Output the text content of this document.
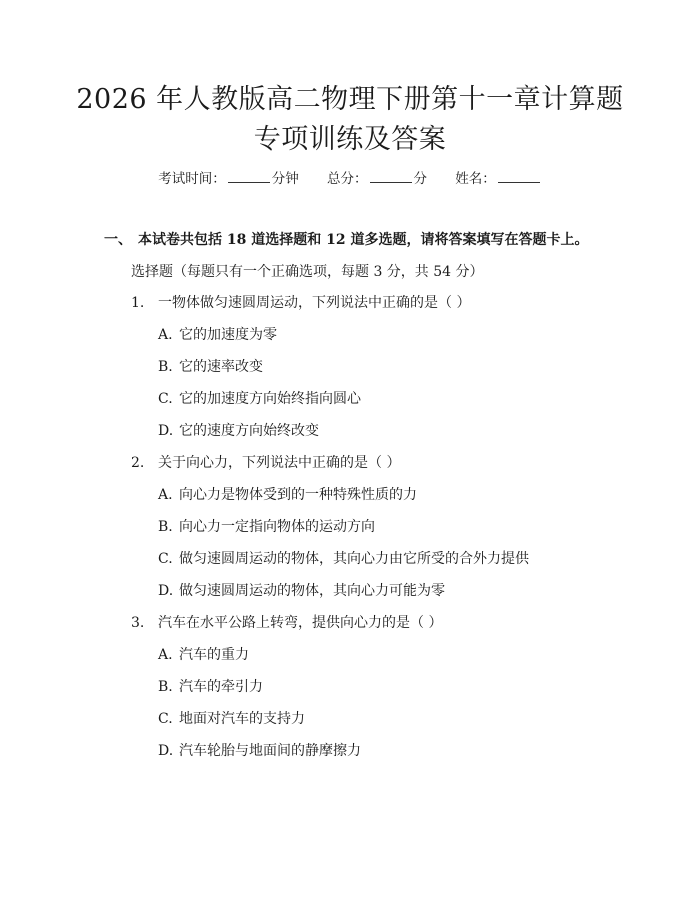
2026 年人教版高二物理下册第十一章计算题
专项训练及答案
考试时间：	分钟 总分：	分 姓名：
一、 本试卷共包括 18 道选择题和 12 道多选题，请将答案填写在答题卡上。
选择题（每题只有一个正确选项，每题 3 分，共 54 分）
1. 一物体做匀速圆周运动，下列说法中正确的是（ ）
A. 它的加速度为零
B. 它的速率改变
C. 它的加速度方向始终指向圆心
D. 它的速度方向始终改变
2. 关于向心力，下列说法中正确的是（ ）
A. 向心力是物体受到的一种特殊性质的力
B. 向心力一定指向物体的运动方向
C. 做匀速圆周运动的物体，其向心力由它所受的合外力提供
D. 做匀速圆周运动的物体，其向心力可能为零
3. 汽车在水平公路上转弯，提供向心力的是（ ）
A. 汽车的重力
B. 汽车的牵引力
C. 地面对汽车的支持力
D. 汽车轮胎与地面间的静摩擦力
